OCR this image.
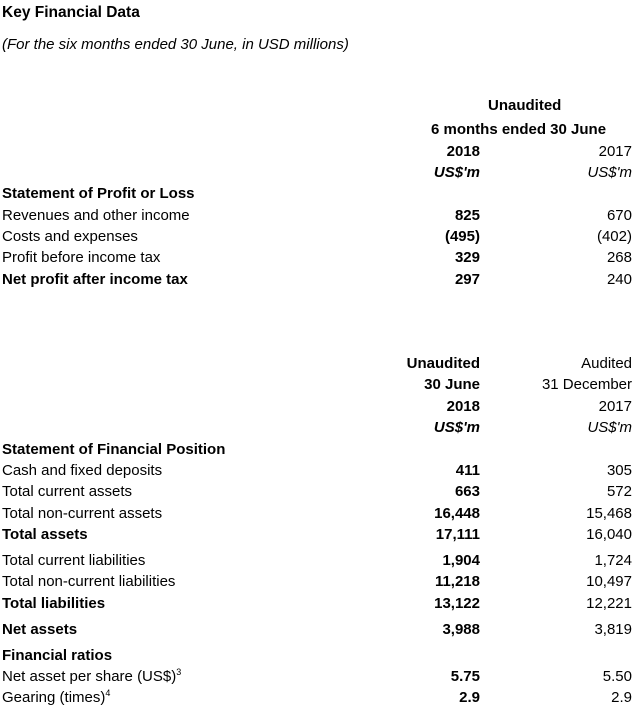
Key Financial Data
(For the six months ended 30 June, in USD millions)
Unaudited
6 months ended 30 June
2018	2017
US$'m	US$'m
Statement of Profit or Loss
Revenues and other income	825	670
Costs and expenses	(495)	(402)
Profit before income tax	329	268
Net profit after income tax	297	240
Unaudited	Audited
30 June	31 December
2018	2017
US$'m	US$'m
Statement of Financial Position
Cash and fixed deposits	411	305
Total current assets	663	572
Total non-current assets	16,448	15,468
Total assets	17,111	16,040
Total current liabilities	1,904	1,724
Total non-current liabilities	11,218	10,497
Total liabilities	13,122	12,221
Net assets	3,988	3,819
Financial ratios
Net asset per share (US$)$^3$	5.75	5.50
Gearing (times)$^4$	2.9	2.9
